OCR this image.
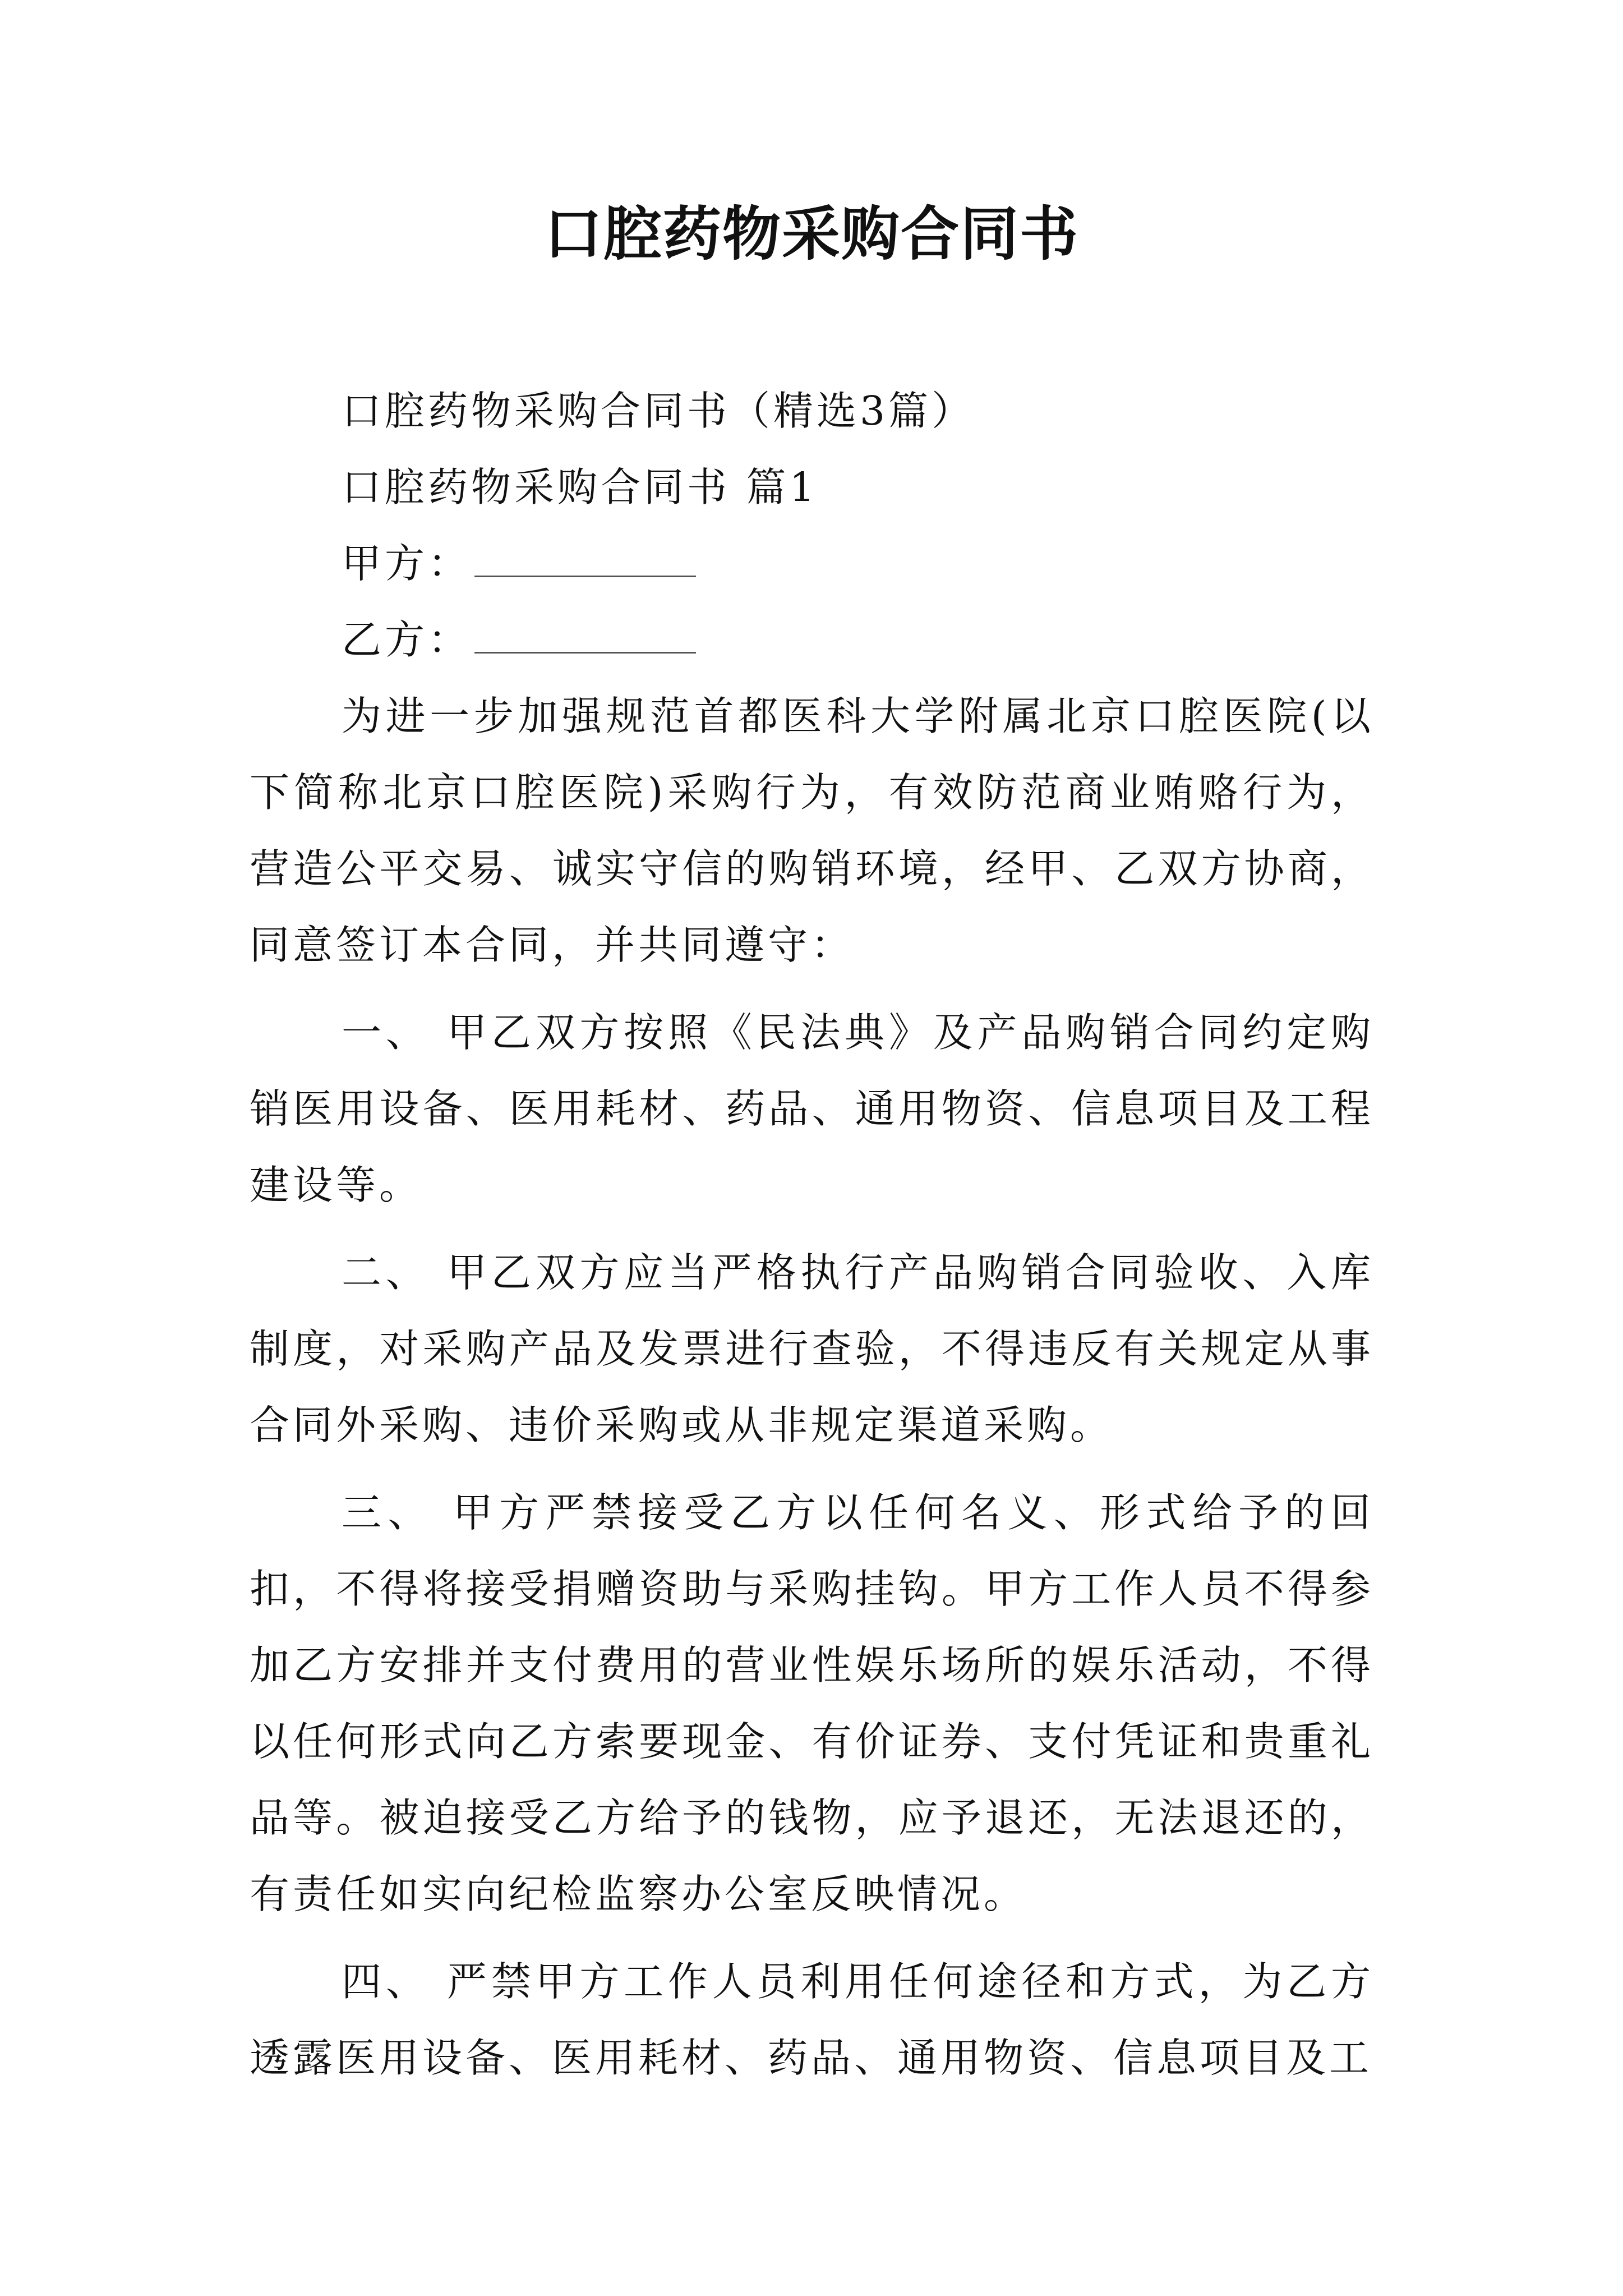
口腔药物采购合同书

口腔药物采购合同书（精选3篇）

口腔药物采购合同书 篇1

甲方：

乙方：

为进一步加强规范首都医科大学附属北京口腔医院(以下简称北京口腔医院)采购行为，有效防范商业贿赂行为，营造公平交易、诚实守信的购销环境，经甲、乙双方协商，同意签订本合同，并共同遵守：

一、 甲乙双方按照《民法典》及产品购销合同约定购销医用设备、医用耗材、药品、通用物资、信息项目及工程建设等。

二、 甲乙双方应当严格执行产品购销合同验收、入库制度，对采购产品及发票进行查验，不得违反有关规定从事合同外采购、违价采购或从非规定渠道采购。

三、 甲方严禁接受乙方以任何名义、形式给予的回扣，不得将接受捐赠资助与采购挂钩。甲方工作人员不得参加乙方安排并支付费用的营业性娱乐场所的娱乐活动，不得以任何形式向乙方索要现金、有价证券、支付凭证和贵重礼品等。被迫接受乙方给予的钱物，应予退还，无法退还的，有责任如实向纪检监察办公室反映情况。

四、 严禁甲方工作人员利用任何途径和方式，为乙方透露医用设备、医用耗材、药品、通用物资、信息项目及工
